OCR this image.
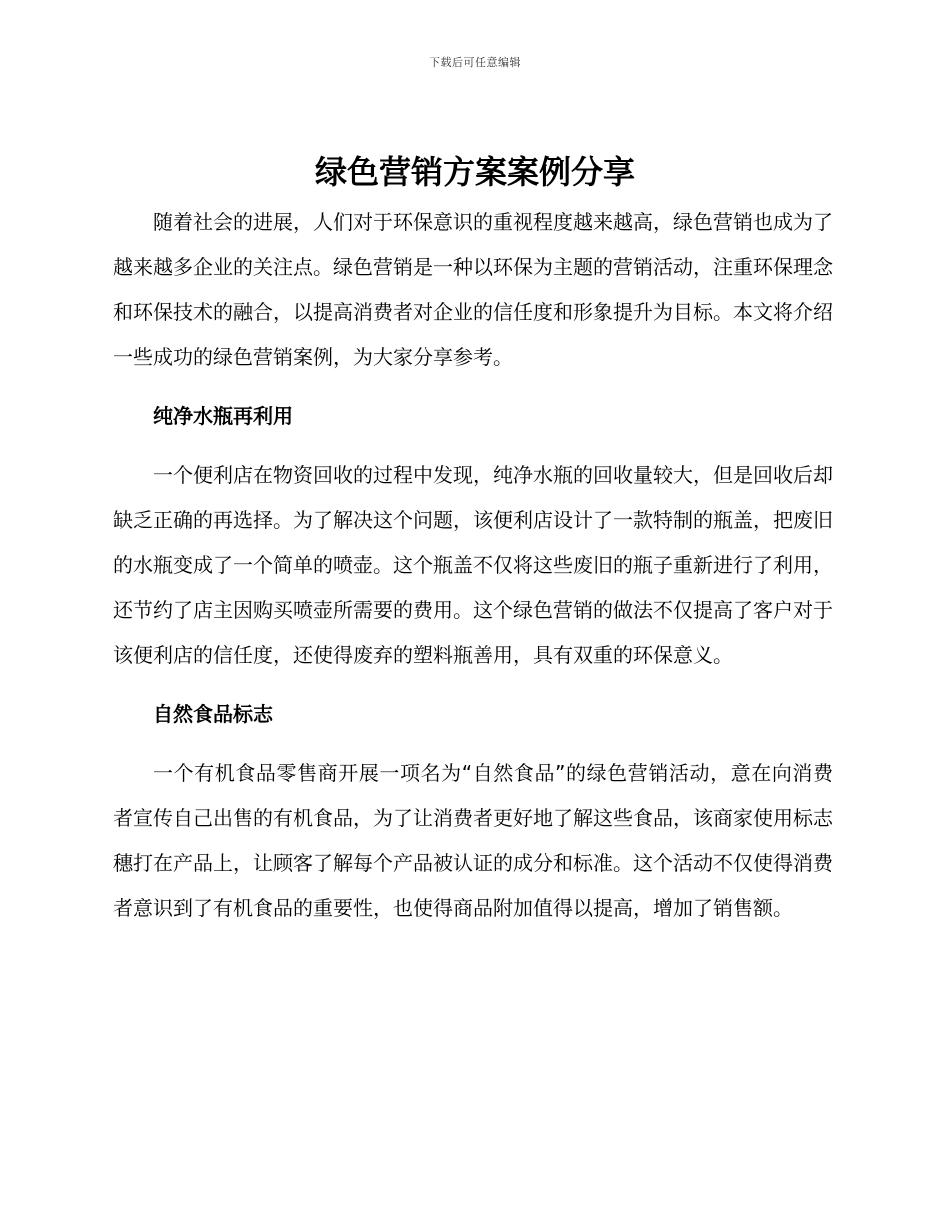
下载后可任意编辑
绿色营销方案案例分享

随着社会的进展，人们对于环保意识的重视程度越来越高，绿色营销也成为了越来越多企业的关注点。绿色营销是一种以环保为主题的营销活动，注重环保理念和环保技术的融合，以提高消费者对企业的信任度和形象提升为目标。本文将介绍一些成功的绿色营销案例，为大家分享参考。

纯净水瓶再利用

一个便利店在物资回收的过程中发现，纯净水瓶的回收量较大，但是回收后却缺乏正确的再选择。为了解决这个问题，该便利店设计了一款特制的瓶盖，把废旧的水瓶变成了一个简单的喷壶。这个瓶盖不仅将这些废旧的瓶子重新进行了利用，还节约了店主因购买喷壶所需要的费用。这个绿色营销的做法不仅提高了客户对于该便利店的信任度，还使得废弃的塑料瓶善用，具有双重的环保意义。

自然食品标志

一个有机食品零售商开展一项名为“自然食品”的绿色营销活动，意在向消费者宣传自己出售的有机食品，为了让消费者更好地了解这些食品，该商家使用标志穗打在产品上，让顾客了解每个产品被认证的成分和标准。这个活动不仅使得消费者意识到了有机食品的重要性，也使得商品附加值得以提高，增加了销售额。
